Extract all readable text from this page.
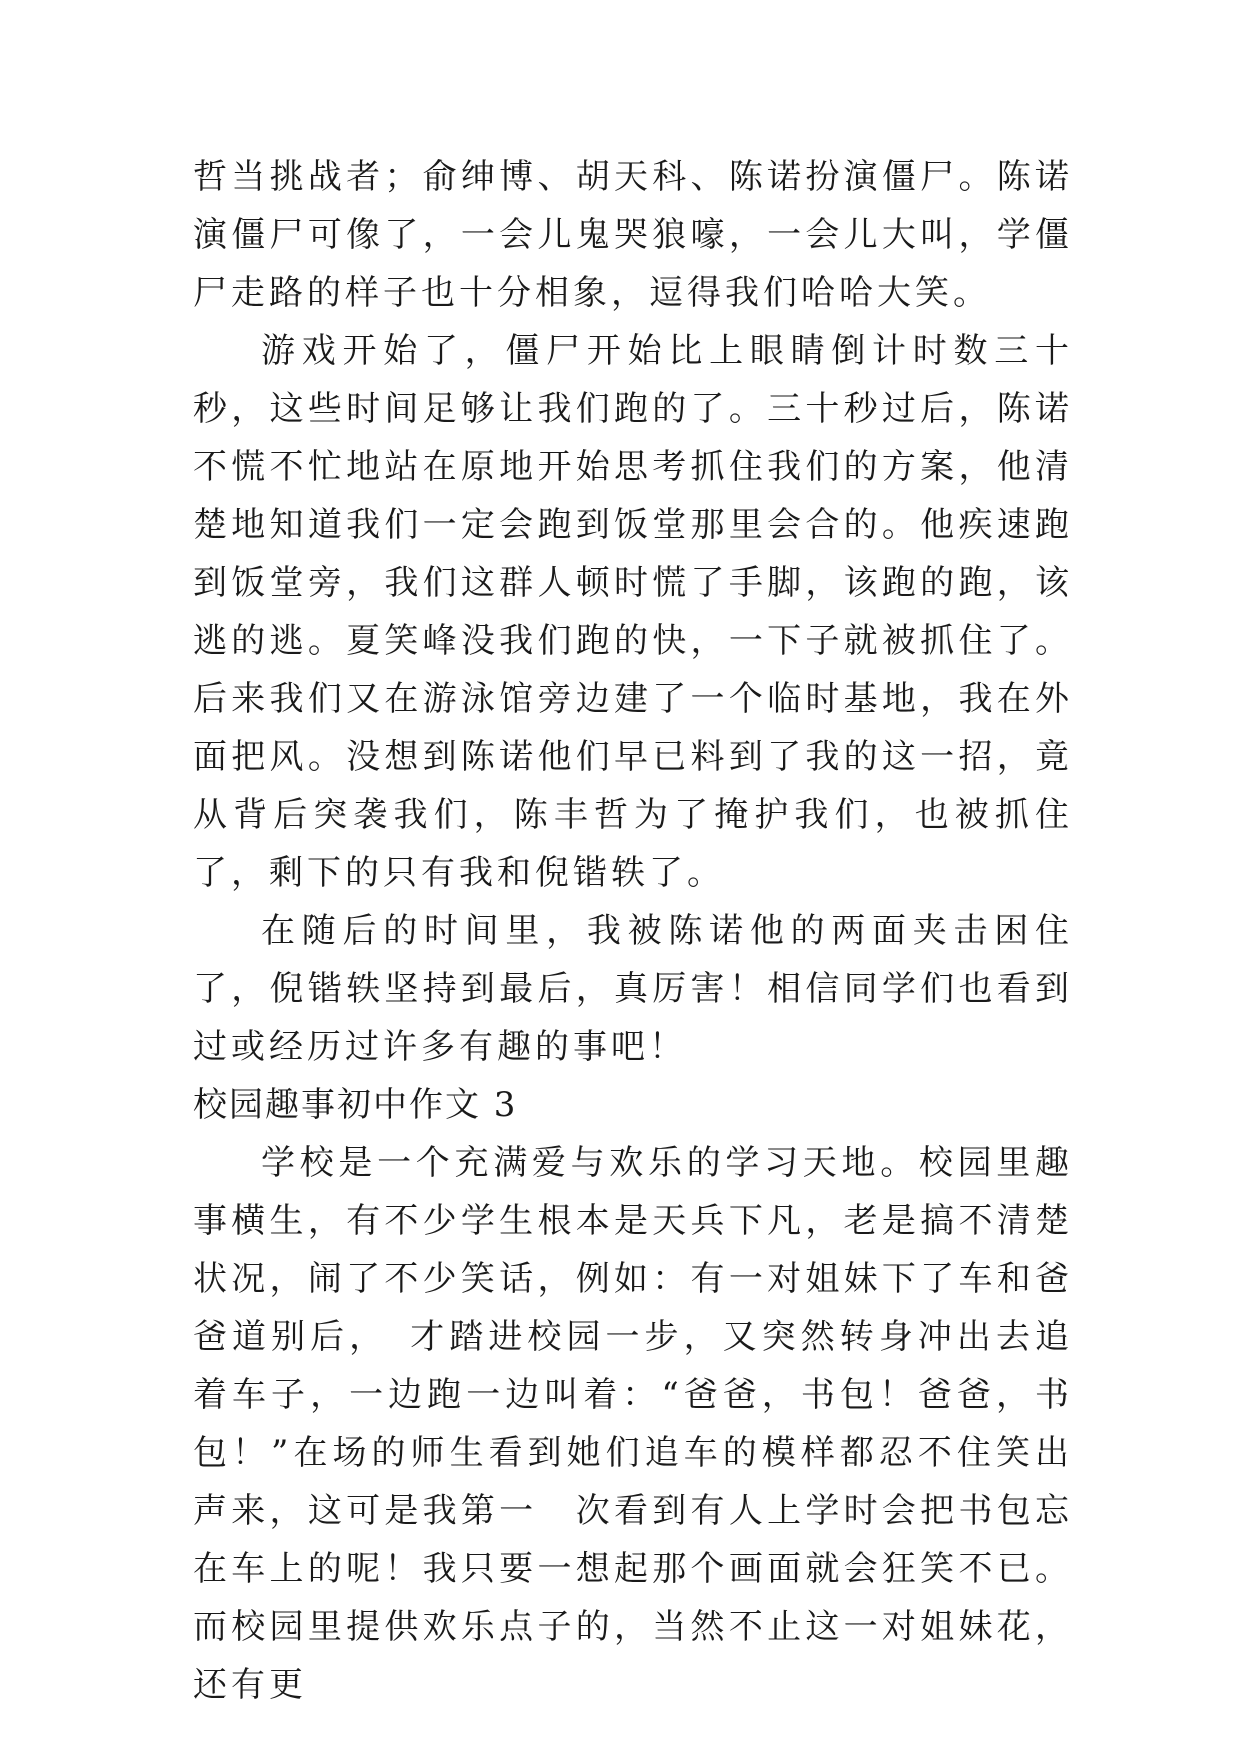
哲当挑战者；俞绅博、胡天科、陈诺扮演僵尸。陈诺演僵尸可像了，一会儿鬼哭狼嚎，一会儿大叫，学僵尸走路的样子也十分相象，逗得我们哈哈大笑。

游戏开始了，僵尸开始比上眼睛倒计时数三十秒，这些时间足够让我们跑的了。三十秒过后，陈诺不慌不忙地站在原地开始思考抓住我们的方案，他清楚地知道我们一定会跑到饭堂那里会合的。他疾速跑到饭堂旁，我们这群人顿时慌了手脚，该跑的跑，该逃的逃。夏笑峰没我们跑的快，一下子就被抓住了。后来我们又在游泳馆旁边建了一个临时基地，我在外面把风。没想到陈诺他们早已料到了我的这一招，竟从背后突袭我们，陈丰哲为了掩护我们，也被抓住了，剩下的只有我和倪锴轶了。

在随后的时间里，我被陈诺他的两面夹击困住了，倪锴轶坚持到最后，真厉害！相信同学们也看到过或经历过许多有趣的事吧！

校园趣事初中作文 3

学校是一个充满爱与欢乐的学习天地。校园里趣事横生，有不少学生根本是天兵下凡，老是搞不清楚状况，闹了不少笑话，例如：有一对姐妹下了车和爸爸道别后，　才踏进校园一步，又突然转身冲出去追着车子，一边跑一边叫着：“爸爸，书包！爸爸，书包！”在场的师生看到她们追车的模样都忍不住笑出声来，这可是我第一　次看到有人上学时会把书包忘在车上的呢！我只要一想起那个画面就会狂笑不已。而校园里提供欢乐点子的，当然不止这一对姐妹花，还有更
